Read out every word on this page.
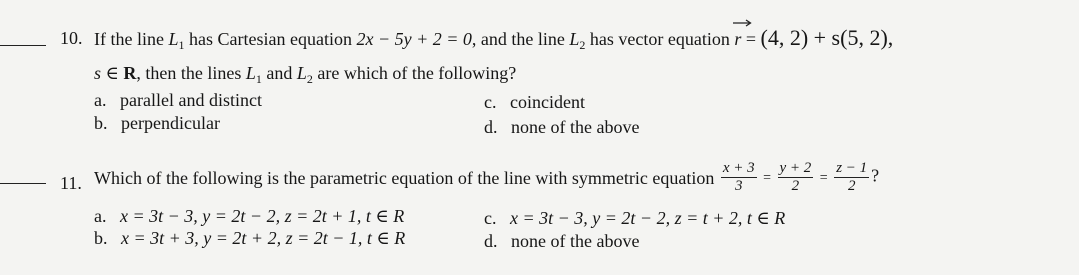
10. If the line $L_1$ has Cartesian equation 2x − 5y + 2 = 0, and the line $L_2$ has vector equation r
= (4, 2) + s(5, 2),
s ∈ R, then the lines $L_1$ and $L_2$ are which of the following?
a. parallel and distinct
b. perpendicular
c. coincident
d. none of the above
11. Which of the following is the parametric equation of the line with symmetric equation $\frac{x + 3}{3} = \frac{y + 2}{2} = \frac{z - 1}{2}$ ?
a. x = 3t − 3, y = 2t − 2, z = 2t + 1, t ∈ R
b. x = 3t + 3, y = 2t + 2, z = 2t − 1, t ∈ R
c. x = 3t − 3, y = 2t − 2, z = t + 2, t ∈ R
d. none of the above
